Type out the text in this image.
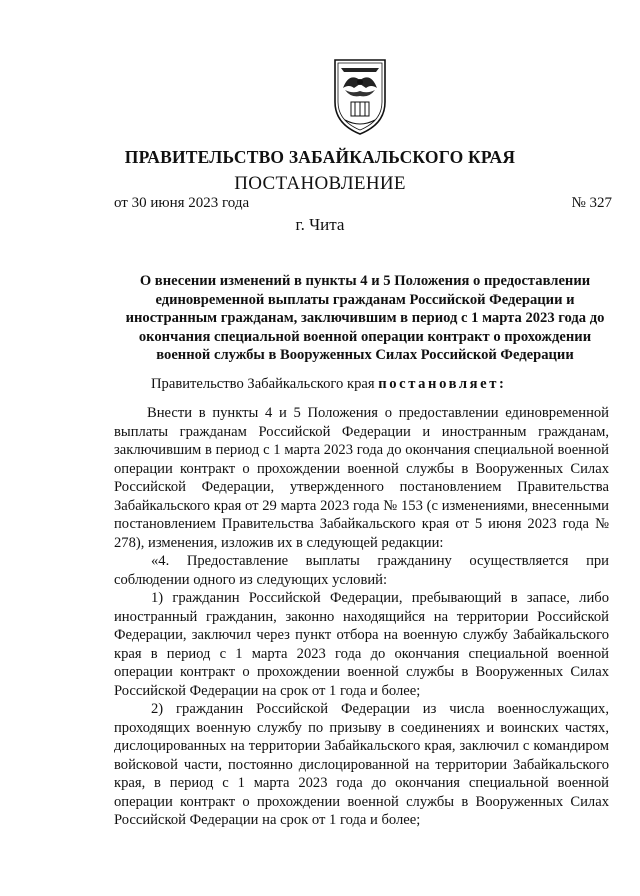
ПРАВИТЕЛЬСТВО ЗАБАЙКАЛЬСКОГО КРАЯ
ПОСТАНОВЛЕНИЕ
от 30 июня 2023 года	№ 327
г. Чита
О внесении изменений в пункты 4 и 5 Положения о предоставлении единовременной выплаты гражданам Российской Федерации и иностранным гражданам, заключившим в период с 1 марта 2023 года до окончания специальной военной операции контракт о прохождении военной службы в Вооруженных Силах Российской Федерации
Правительство Забайкальского края постановляет:

Внести в пункты 4 и 5 Положения о предоставлении единовременной выплаты гражданам Российской Федерации и иностранным гражданам, заключившим в период с 1 марта 2023 года до окончания специальной военной операции контракт о прохождении военной службы в Вооруженных Силах Российской Федерации, утвержденного постановлением Правительства Забайкальского края от 29 марта 2023 года № 153 (с изменениями, внесенными постановлением Правительства Забайкальского края от 5 июня 2023 года № 278), изменения, изложив их в следующей редакции:

«4. Предоставление выплаты гражданину осуществляется при соблюдении одного из следующих условий:

1) гражданин Российской Федерации, пребывающий в запасе, либо иностранный гражданин, законно находящийся на территории Российской Федерации, заключил через пункт отбора на военную службу Забайкальского края в период с 1 марта 2023 года до окончания специальной военной операции контракт о прохождении военной службы в Вооруженных Силах Российской Федерации на срок от 1 года и более;

2) гражданин Российской Федерации из числа военнослужащих, проходящих военную службу по призыву в соединениях и воинских частях, дислоцированных на территории Забайкальского края, заключил с командиром войсковой части, постоянно дислоцированной на территории Забайкальского края, в период с 1 марта 2023 года до окончания специальной военной операции контракт о прохождении военной службы в Вооруженных Силах Российской Федерации на срок от 1 года и более;
